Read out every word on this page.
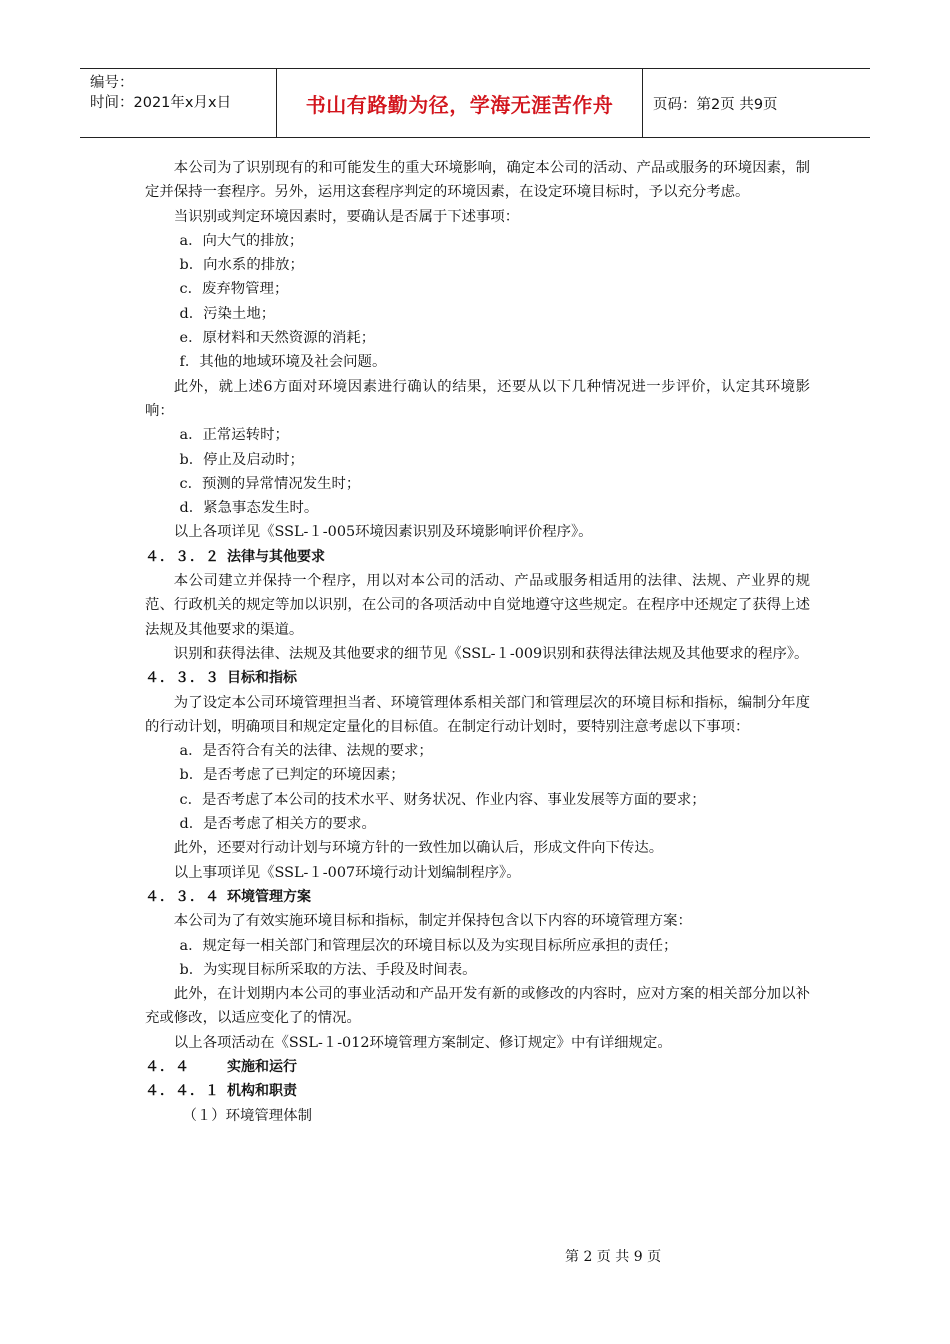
编号：
时间：2021年x月x日	书山有路勤为径，学海无涯苦作舟	页码：第2页 共9页

本公司为了识别现有的和可能发生的重大环境影响，确定本公司的活动、产品或服务的环境因素，制定并保持一套程序。另外，运用这套程序判定的环境因素，在设定环境目标时，予以充分考虑。

当识别或判定环境因素时，要确认是否属于下述事项：

a．向大气的排放；

b．向水系的排放；

c．废弃物管理；

d．污染土地；

e．原材料和天然资源的消耗；

f．其他的地域环境及社会问题。

此外，就上述6方面对环境因素进行确认的结果，还要从以下几种情况进一步评价，认定其环境影响：

a．正常运转时；

b．停止及启动时；

c．预测的异常情况发生时；

d．紧急事态发生时。

以上各项详见《SSL-１-005环境因素识别及环境影响评价程序》。

４．３．２ 法律与其他要求

本公司建立并保持一个程序，用以对本公司的活动、产品或服务相适用的法律、法规、产业界的规范、行政机关的规定等加以识别，在公司的各项活动中自觉地遵守这些规定。在程序中还规定了获得上述法规及其他要求的渠道。

识别和获得法律、法规及其他要求的细节见《SSL-１-009识别和获得法律法规及其他要求的程序》。

４．３．３ 目标和指标

为了设定本公司环境管理担当者、环境管理体系相关部门和管理层次的环境目标和指标，编制分年度的行动计划，明确项目和规定定量化的目标值。在制定行动计划时，要特别注意考虑以下事项：

a．是否符合有关的法律、法规的要求；

b．是否考虑了已判定的环境因素；

c．是否考虑了本公司的技术水平、财务状况、作业内容、事业发展等方面的要求；

d．是否考虑了相关方的要求。

此外，还要对行动计划与环境方针的一致性加以确认后，形成文件向下传达。

以上事项详见《SSL-１-007环境行动计划编制程序》。

４．３．４ 环境管理方案

本公司为了有效实施环境目标和指标，制定并保持包含以下内容的环境管理方案：

a．规定每一相关部门和管理层次的环境目标以及为实现目标所应承担的责任；

b．为实现目标所采取的方法、手段及时间表。

此外，在计划期内本公司的事业活动和产品开发有新的或修改的内容时，应对方案的相关部分加以补充或修改，以适应变化了的情况。

以上各项活动在《SSL-１-012环境管理方案制定、修订规定》中有详细规定。

４．４	实施和运行

４．４．１ 机构和职责

（１）环境管理体制

第 2 页 共 9 页
